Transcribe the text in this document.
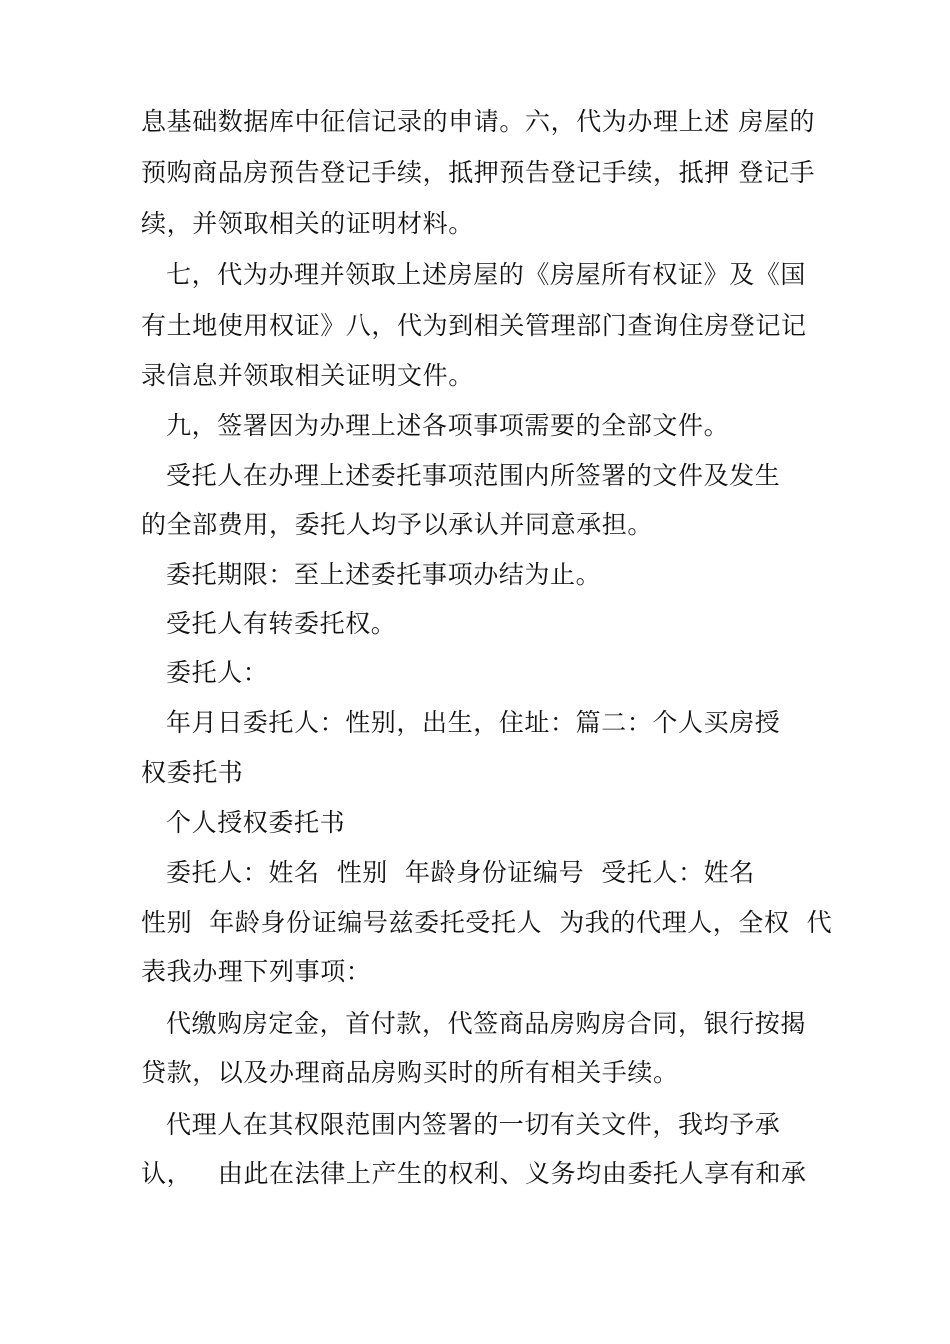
息基础数据库中征信记录的申请。六，代为办理上述 房屋的
预购商品房预告登记手续，抵押预告登记手续，抵押 登记手
续，并领取相关的证明材料。
七，代为办理并领取上述房屋的《房屋所有权证》及《国
有土地使用权证》八，代为到相关管理部门查询住房登记记
录信息并领取相关证明文件。
九，签署因为办理上述各项事项需要的全部文件。
受托人在办理上述委托事项范围内所签署的文件及发生
的全部费用，委托人均予以承认并同意承担。
委托期限：至上述委托事项办结为止。
受托人有转委托权。
委托人：
年月日委托人：性别，出生，住址：篇二：个人买房授
权委托书
个人授权委托书
委托人：姓名  性别  年龄身份证编号  受托人：姓名
性别  年龄身份证编号兹委托受托人  为我的代理人，全权  代
表我办理下列事项：
代缴购房定金，首付款，代签商品房购房合同，银行按揭
贷款，以及办理商品房购买时的所有相关手续。
代理人在其权限范围内签署的一切有关文件，我均予承
认，   由此在法律上产生的权利、义务均由委托人享有和承
